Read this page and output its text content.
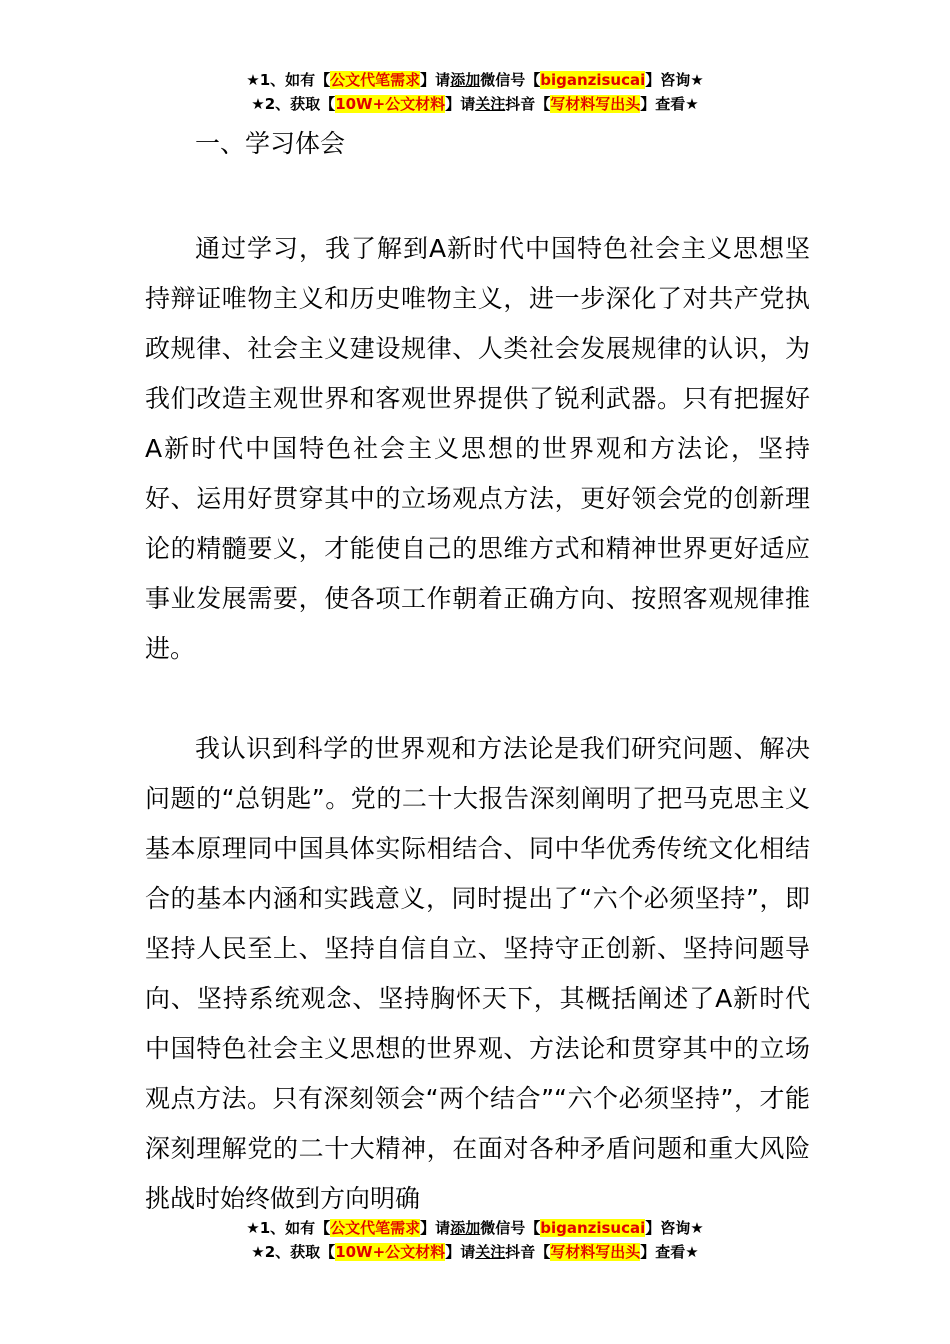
★1、如有【公文代笔需求】请添加微信号【biganzisucai】咨询★
★2、获取【10W+公文材料】请关注抖音【写材料写出头】查看★
一、学习体会

通过学习，我了解到A新时代中国特色社会主义思想坚持辩证唯物主义和历史唯物主义，进一步深化了对共产党执政规律、社会主义建设规律、人类社会发展规律的认识，为我们改造主观世界和客观世界提供了锐利武器。只有把握好A新时代中国特色社会主义思想的世界观和方法论，坚持好、运用好贯穿其中的立场观点方法，更好领会党的创新理论的精髓要义，才能使自己的思维方式和精神世界更好适应事业发展需要，使各项工作朝着正确方向、按照客观规律推进。

我认识到科学的世界观和方法论是我们研究问题、解决问题的“总钥匙”。党的二十大报告深刻阐明了把马克思主义基本原理同中国具体实际相结合、同中华优秀传统文化相结合的基本内涵和实践意义，同时提出了“六个必须坚持”，即坚持人民至上、坚持自信自立、坚持守正创新、坚持问题导向、坚持系统观念、坚持胸怀天下，其概括阐述了A新时代中国特色社会主义思想的世界观、方法论和贯穿其中的立场观点方法。只有深刻领会“两个结合”“六个必须坚持”，才能深刻理解党的二十大精神，在面对各种矛盾问题和重大风险挑战时始终做到方向明确

★1、如有【公文代笔需求】请添加微信号【biganzisucai】咨询★
★2、获取【10W+公文材料】请关注抖音【写材料写出头】查看★
